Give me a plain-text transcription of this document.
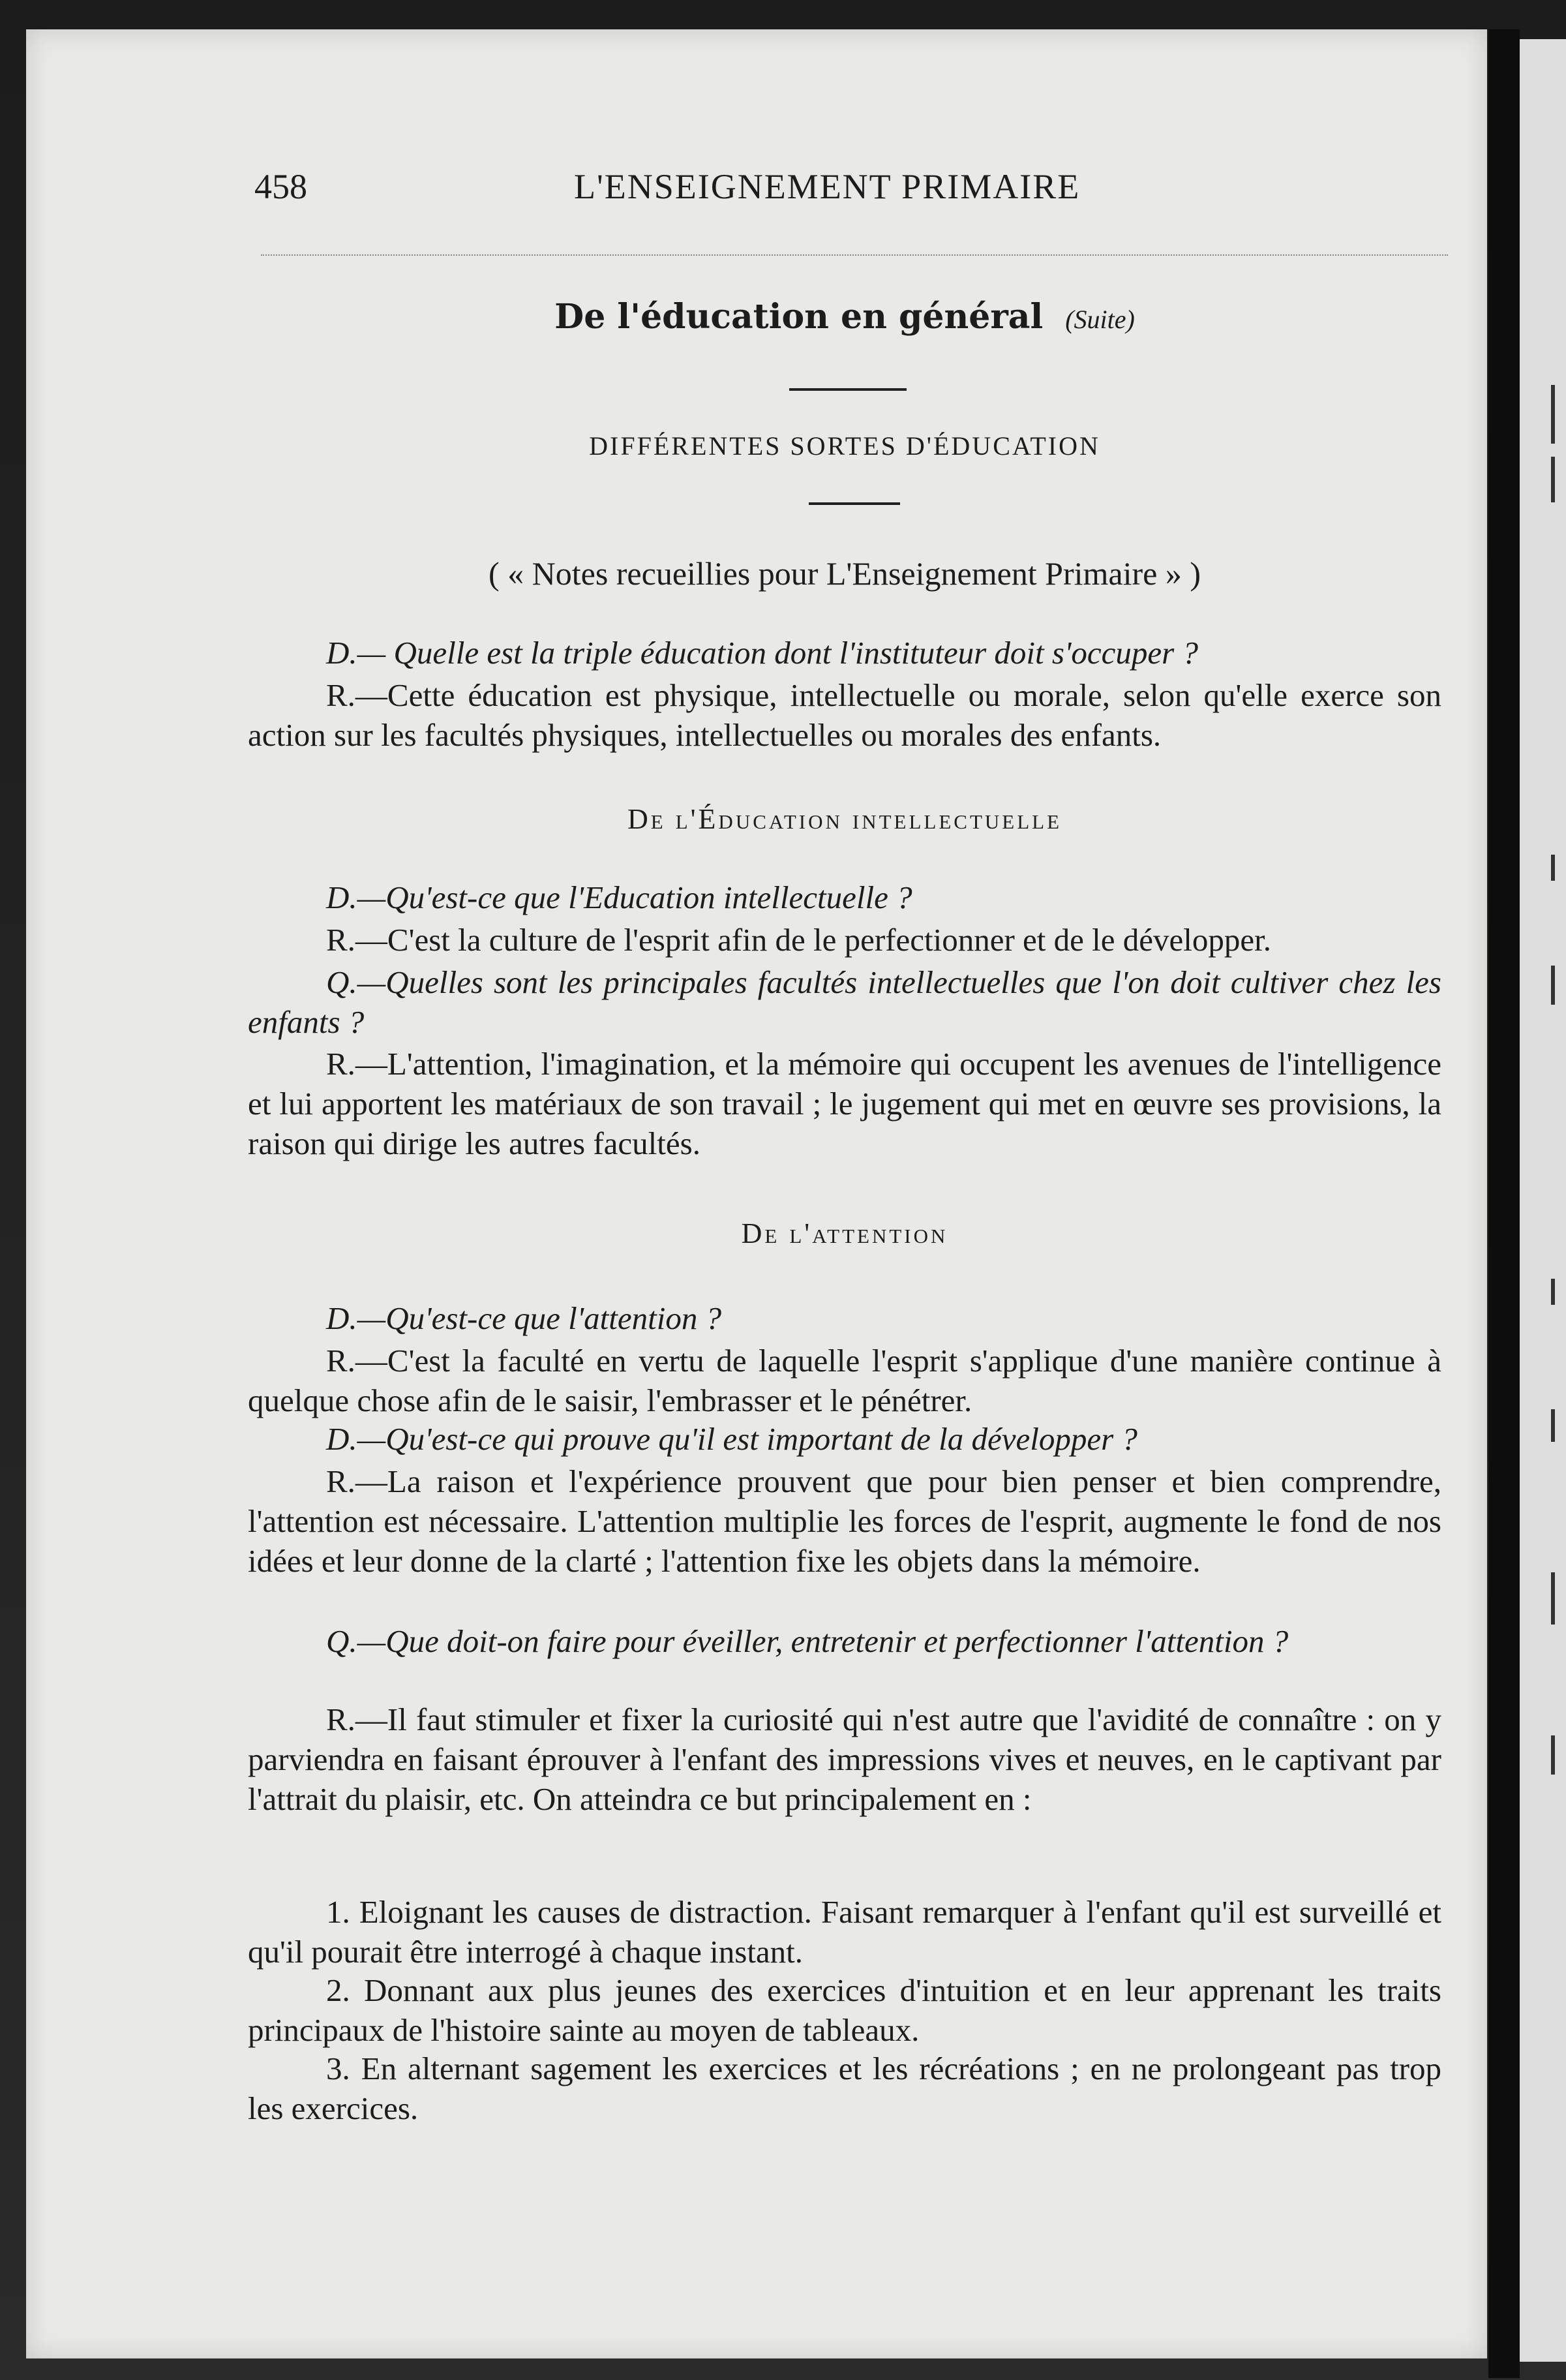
458	L'ENSEIGNEMENT PRIMAIRE
De l'éducation en général (Suite)
DIFFÉRENTES SORTES D'ÉDUCATION
( « Notes recueillies pour L'Enseignement Primaire » )

D.— Quelle est la triple éducation dont l'instituteur doit s'occuper ?

R.—Cette éducation est physique, intellectuelle ou morale, selon qu'elle exerce son action sur les facultés physiques, intellectuelles ou morales des enfants.

De l'Éducation intellectuelle

D.—Qu'est-ce que l'Education intellectuelle ?

R.—C'est la culture de l'esprit afin de le perfectionner et de le développer.

Q.—Quelles sont les principales facultés intellectuelles que l'on doit cultiver chez les enfants ?

R.—L'attention, l'imagination, et la mémoire qui occupent les avenues de l'intelligence et lui apportent les matériaux de son travail ; le jugement qui met en œuvre ses provisions, la raison qui dirige les autres facultés.

De l'attention

D.—Qu'est-ce que l'attention ?

R.—C'est la faculté en vertu de laquelle l'esprit s'applique d'une manière continue à quelque chose afin de le saisir, l'embrasser et le pénétrer.

D.—Qu'est-ce qui prouve qu'il est important de la développer ?

R.—La raison et l'expérience prouvent que pour bien penser et bien comprendre, l'attention est nécessaire. L'attention multiplie les forces de l'esprit, augmente le fond de nos idées et leur donne de la clarté ; l'attention fixe les objets dans la mémoire.

Q.—Que doit-on faire pour éveiller, entretenir et perfectionner l'attention ?

R.—Il faut stimuler et fixer la curiosité qui n'est autre que l'avidité de connaître : on y parviendra en faisant éprouver à l'enfant des impressions vives et neuves, en le captivant par l'attrait du plaisir, etc. On atteindra ce but principalement en :

1. Eloignant les causes de distraction. Faisant remarquer à l'enfant qu'il est surveillé et qu'il pourait être interrogé à chaque instant.

2. Donnant aux plus jeunes des exercices d'intuition et en leur apprenant les traits principaux de l'histoire sainte au moyen de tableaux.

3. En alternant sagement les exercices et les récréations ; en ne prolongeant pas trop les exercices.
